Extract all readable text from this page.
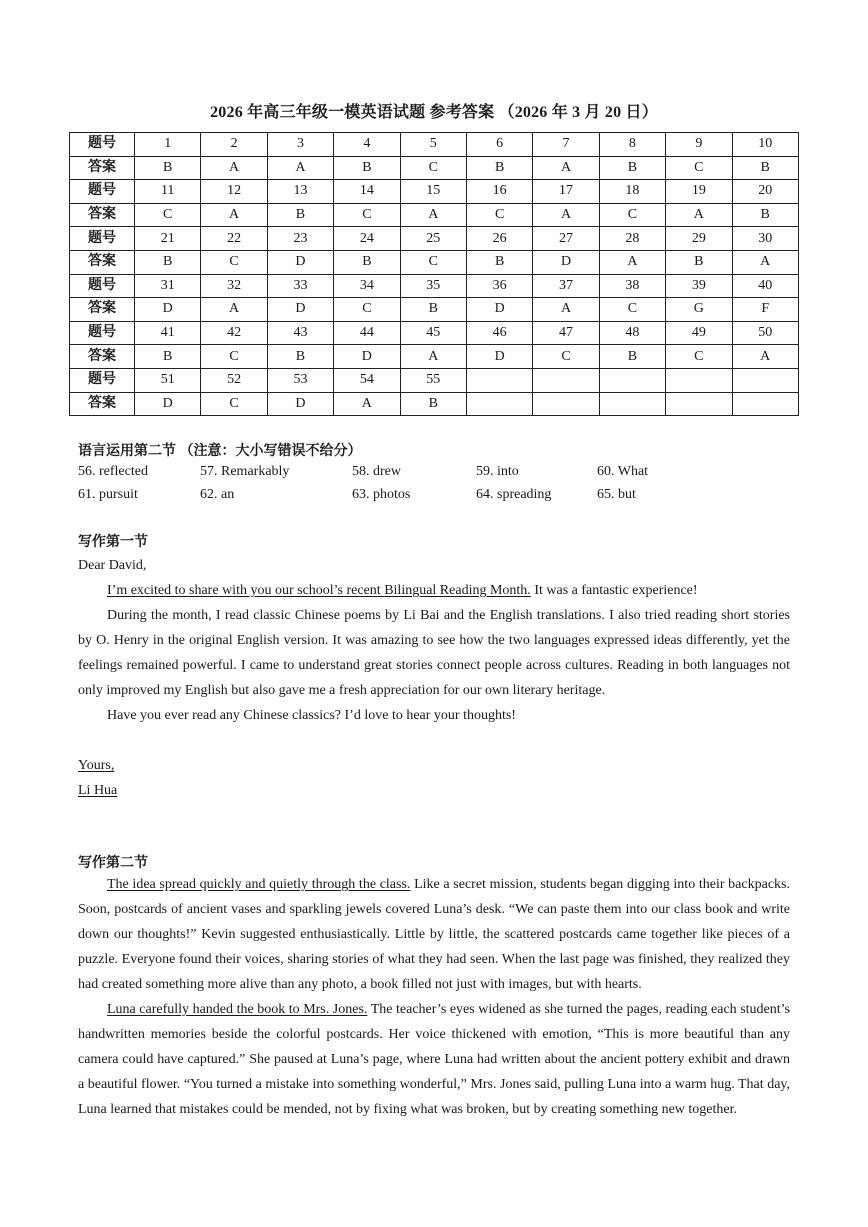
2026 年高三年级一模英语试题 参考答案 （2026 年 3 月 20 日）
题号	1	2	3	4	5	6	7	8	9	10
答案	B	A	A	B	C	B	A	B	C	B
题号	11	12	13	14	15	16	17	18	19	20
答案	C	A	B	C	A	C	A	C	A	B
题号	21	22	23	24	25	26	27	28	29	30
答案	B	C	D	B	C	B	D	A	B	A
题号	31	32	33	34	35	36	37	38	39	40
答案	D	A	D	C	B	D	A	C	G	F
题号	41	42	43	44	45	46	47	48	49	50
答案	B	C	B	D	A	D	C	B	C	A
题号	51	52	53	54	55					
答案	D	C	D	A	B					
语言运用第二节 （注意：大小写错误不给分）
56. reflected	57. Remarkably	58. drew	59. into	60. What
61. pursuit	62. an	63. photos	64. spreading	65. but
写作第一节

Dear David,

I’m excited to share with you our school’s recent Bilingual Reading Month. It was a fantastic experience!

During the month, I read classic Chinese poems by Li Bai and the English translations. I also tried reading short stories by O. Henry in the original English version. It was amazing to see how the two languages expressed ideas differently, yet the feelings remained powerful. I came to understand great stories connect people across cultures. Reading in both languages not only improved my English but also gave me a fresh appreciation for our own literary heritage.

Have you ever read any Chinese classics? I’d love to hear your thoughts!

Yours,

Li Hua

写作第二节

The idea spread quickly and quietly through the class. Like a secret mission, students began digging into their backpacks. Soon, postcards of ancient vases and sparkling jewels covered Luna’s desk. “We can paste them into our class book and write down our thoughts!” Kevin suggested enthusiastically. Little by little, the scattered postcards came together like pieces of a puzzle. Everyone found their voices, sharing stories of what they had seen. When the last page was finished, they realized they had created something more alive than any photo, a book filled not just with images, but with hearts.

Luna carefully handed the book to Mrs. Jones. The teacher’s eyes widened as she turned the pages, reading each student’s handwritten memories beside the colorful postcards. Her voice thickened with emotion, “This is more beautiful than any camera could have captured.” She paused at Luna’s page, where Luna had written about the ancient pottery exhibit and drawn a beautiful flower. “You turned a mistake into something wonderful,” Mrs. Jones said, pulling Luna into a warm hug. That day, Luna learned that mistakes could be mended, not by fixing what was broken, but by creating something new together.
